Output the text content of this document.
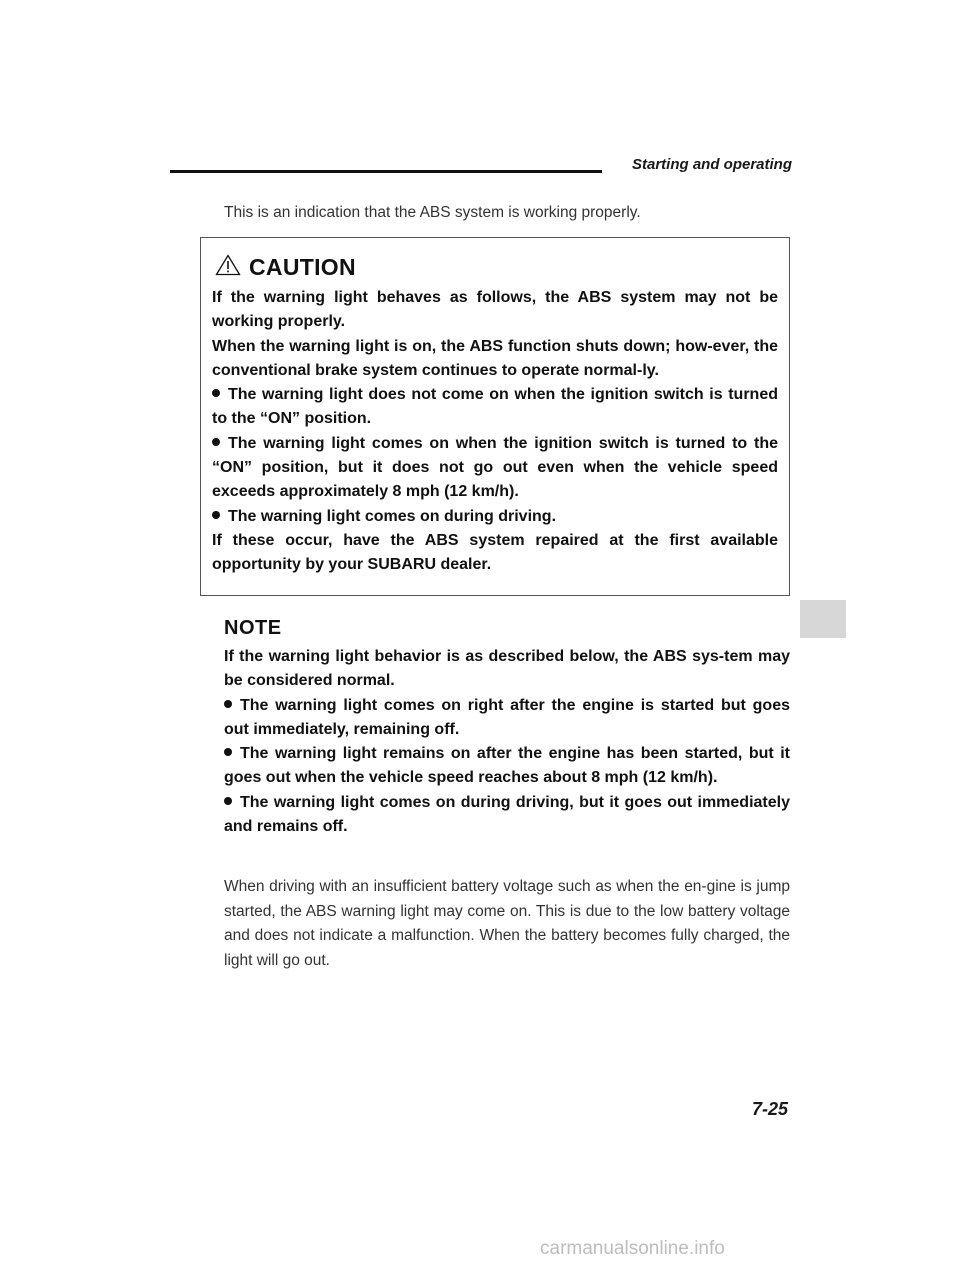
Starting and operating
This is an indication that the ABS system is working properly.
CAUTION

If the warning light behaves as follows, the ABS system may not be working properly.

When the warning light is on, the ABS function shuts down; how-ever, the conventional brake system continues to operate normal-ly.

The warning light does not come on when the ignition switch is turned to the “ON” position.

The warning light comes on when the ignition switch is turned to the “ON” position, but it does not go out even when the vehicle speed exceeds approximately 8 mph (12 km/h).

The warning light comes on during driving.

If these occur, have the ABS system repaired at the first available opportunity by your SUBARU dealer.

NOTE

If the warning light behavior is as described below, the ABS sys-tem may be considered normal.

The warning light comes on right after the engine is started but goes out immediately, remaining off.

The warning light remains on after the engine has been started, but it goes out when the vehicle speed reaches about 8 mph (12 km/h).

The warning light comes on during driving, but it goes out immediately and remains off.

When driving with an insufficient battery voltage such as when the en-gine is jump started, the ABS warning light may come on. This is due to the low battery voltage and does not indicate a malfunction. When the battery becomes fully charged, the light will go out.

7-25
carmanualsonline.info
